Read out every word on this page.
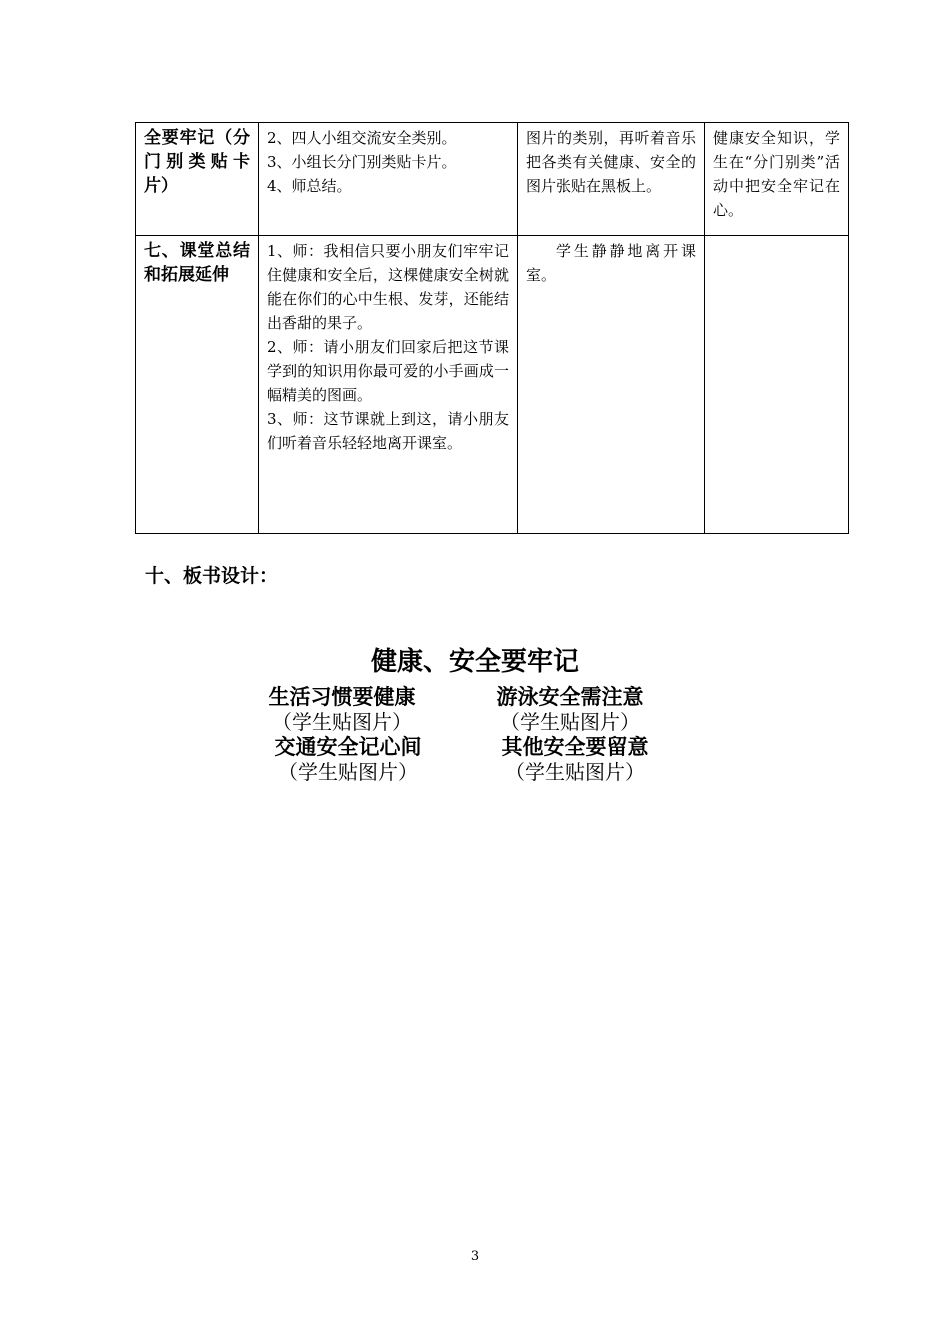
全要牢记（分门别类贴卡片）	2、四人小组交流安全类别。
3、小组长分门别类贴卡片。
4、师总结。	图片的类别，再听着音乐把各类有关健康、安全的图片张贴在黑板上。	健康安全知识，学生在“分门别类”活动中把安全牢记在心。
七、课堂总结和拓展延伸	1、师：我相信只要小朋友们牢牢记住健康和安全后，这棵健康安全树就能在你们的心中生根、发芽，还能结出香甜的果子。
2、师：请小朋友们回家后把这节课学到的知识用你最可爱的小手画成一幅精美的图画。
3、师：这节课就上到这，请小朋友们听着音乐轻轻地离开课室。	学生静静地离开课室。	
十、板书设计：
健康、安全要牢记
生活习惯要健康
（学生贴图片）
游泳安全需注意
（学生贴图片）
交通安全记心间
（学生贴图片）
其他安全要留意
（学生贴图片）
3
